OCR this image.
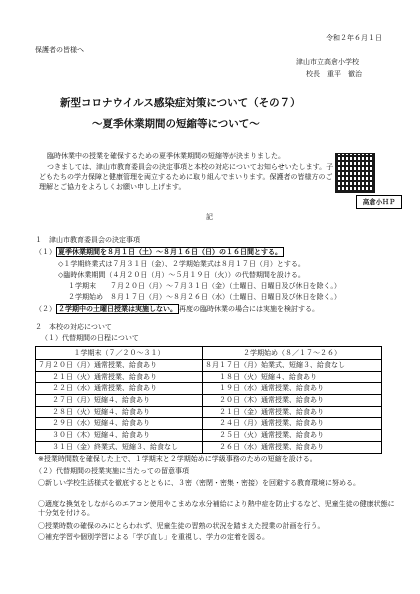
令和２年６月１日
保護者の皆様へ
津山市立高倉小学校
校長　重平　徹治
新型コロナウイルス感染症対策について（その７）
～夏季休業期間の短縮等について～
臨時休業中の授業を確保するための夏季休業期間の短縮等が決まりました。
つきましては、津山市教育委員会の決定事項と本校の対応についてお知らせいたします。子どもたちの学力保障と健康管理を両立するために取り組んでまいります。保護者の皆様方のご理解とご協力をよろしくお願い申し上げます。
高倉小ＨＰ
記
１　津山市教育委員会の決定事項
（１） 夏季休業期間を８月１日（土）～８月１６日（日）の１６日間とする。
◇１学期終業式は７月３１日（金）、２学期始業式は８月１７日（月）とする。
◇臨時休業期間（４月２０日（月）～５月１９日（火））の代替期間を設ける。
１学期末　　７月２０日（月）～７月３１日（金）（土曜日、日曜日及び休日を除く。）
２学期始め　８月１７日（月）～８月２６日（水）（土曜日、日曜日及び休日を除く。）
（２） ２学期中の土曜日授業は実施しない。 再度の臨時休業の場合には実施を検討する。
２　本校の対応について
（１）代替期間の日程について
１学期末（７／２０～３１）	２学期始め（８／１７～２６）
７月２０日（月）通常授業、給食あり	８月１７日（月）始業式、短縮３、給食なし
　　２１日（火）通常授業、給食あり	　　１８日（火）短縮４、給食あり
　　２２日（水）通常授業、給食あり	　　１９日（水）通常授業、給食あり
　　２７日（月）短縮４、給食あり	　　２０日（木）通常授業、給食あり
　　２８日（火）短縮４、給食あり	　　２１日（金）通常授業、給食あり
　　２９日（水）短縮４、給食あり	　　２４日（月）通常授業、給食あり
　　３０日（木）短縮４、給食あり	　　２５日（火）通常授業、給食あり
　　３１日（金）終業式、短縮３、給食なし	　　２６日（水）通常授業、給食あり
※授業時間数を確保した上で、１学期末と２学期始めに学級事務のための短縮を設ける。
（２）代替期間の授業実施に当たっての留意事項
〇新しい学校生活様式を徹底するとともに、３密（密閉・密集・密接）を回避する教育環境に努める。
〇適度な換気をしながらのエアコン使用やこまめな水分補給により熱中症を防止するなど、児童生徒の健康状態に十分気を付ける。
〇授業時数の確保のみにとらわれず、児童生徒の習熟の状況を踏まえた授業の計画を行う。
〇補充学習や個別学習による「学び直し」を重視し、学力の定着を図る。
